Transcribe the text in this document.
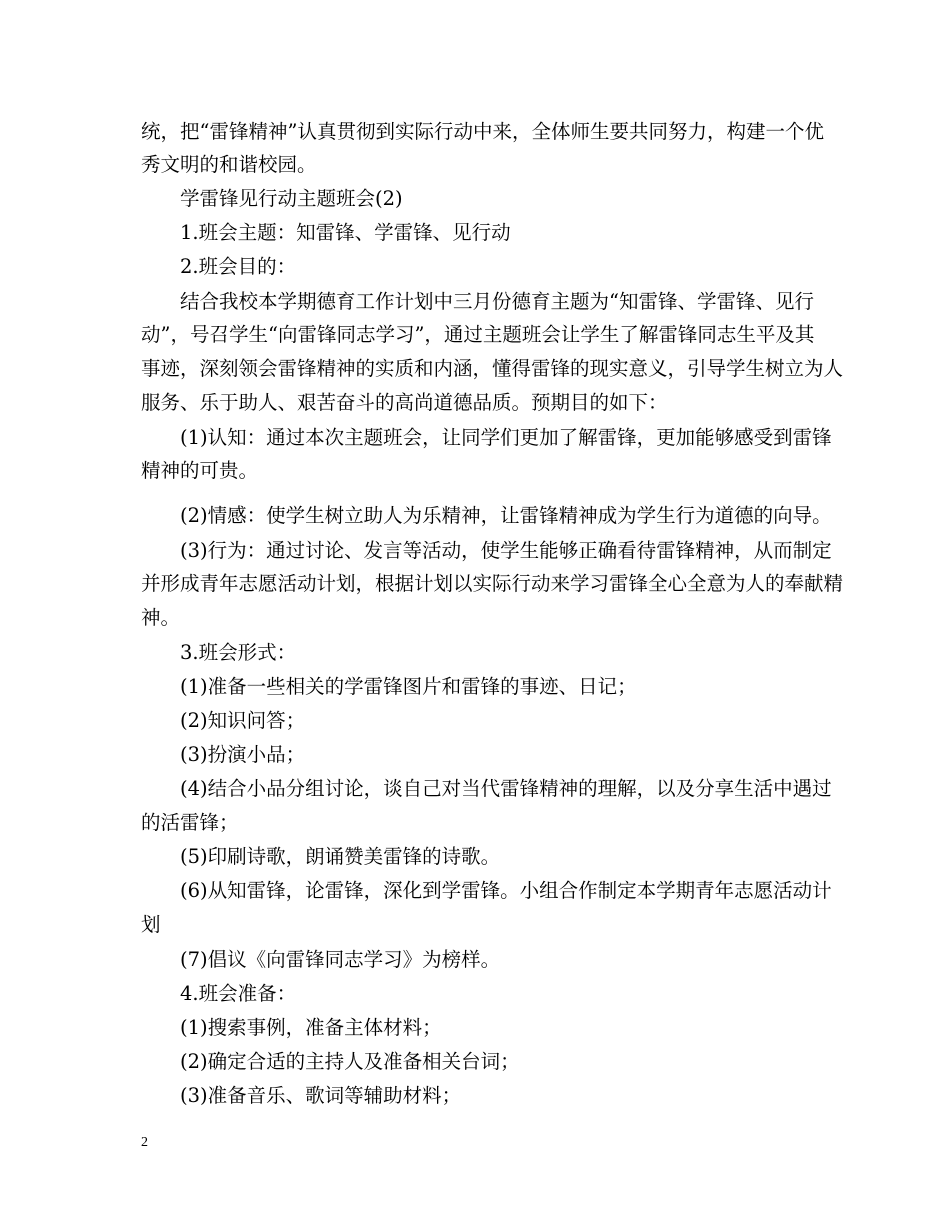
统，把“雷锋精神”认真贯彻到实际行动中来，全体师生要共同努力，构建一个优
秀文明的和谐校园。
学雷锋见行动主题班会(2)
1.班会主题：知雷锋、学雷锋、见行动
2.班会目的：
结合我校本学期德育工作计划中三月份德育主题为“知雷锋、学雷锋、见行
动”，号召学生“向雷锋同志学习”，通过主题班会让学生了解雷锋同志生平及其
事迹，深刻领会雷锋精神的实质和内涵，懂得雷锋的现实意义，引导学生树立为人
服务、乐于助人、艰苦奋斗的高尚道德品质。预期目的如下：
(1)认知：通过本次主题班会，让同学们更加了解雷锋，更加能够感受到雷锋
精神的可贵。
(2)情感：使学生树立助人为乐精神，让雷锋精神成为学生行为道德的向导。
(3)行为：通过讨论、发言等活动，使学生能够正确看待雷锋精神，从而制定
并形成青年志愿活动计划，根据计划以实际行动来学习雷锋全心全意为人的奉献精
神。
3.班会形式：
(1)准备一些相关的学雷锋图片和雷锋的事迹、日记；
(2)知识问答；
(3)扮演小品；
(4)结合小品分组讨论，谈自己对当代雷锋精神的理解，以及分享生活中遇过
的活雷锋；
(5)印刷诗歌，朗诵赞美雷锋的诗歌。
(6)从知雷锋，论雷锋，深化到学雷锋。小组合作制定本学期青年志愿活动计
划
(7)倡议《向雷锋同志学习》为榜样。
4.班会准备：
(1)搜索事例，准备主体材料；
(2)确定合适的主持人及准备相关台词；
(3)准备音乐、歌词等辅助材料；
2
